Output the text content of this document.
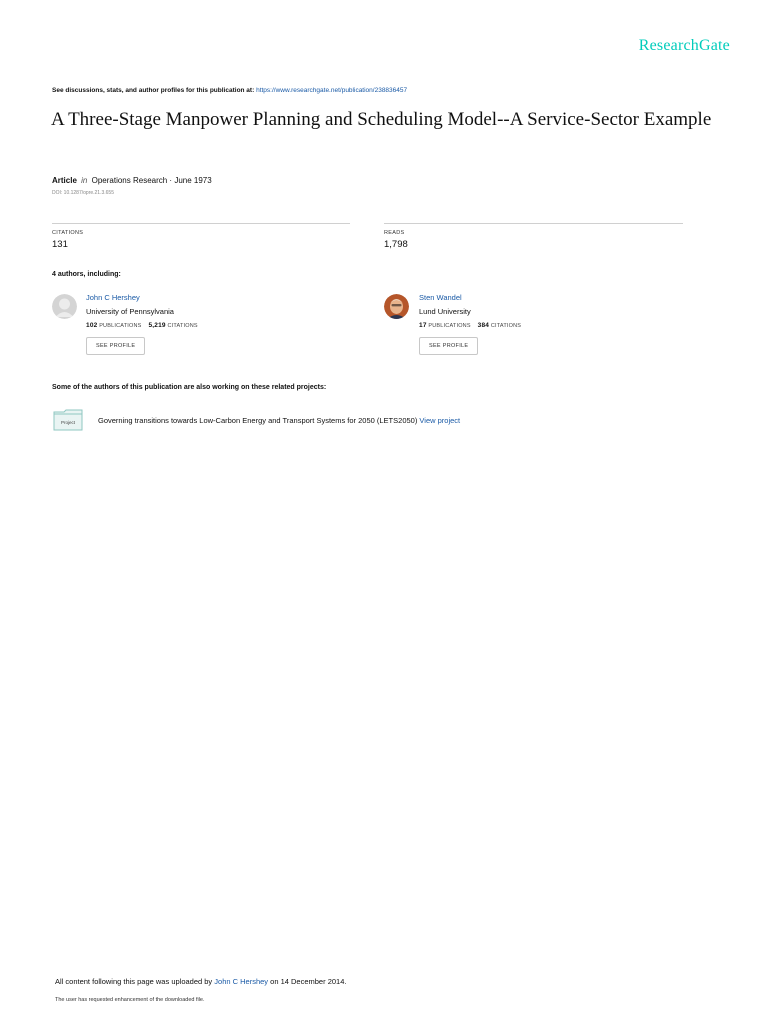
ResearchGate
See discussions, stats, and author profiles for this publication at: https://www.researchgate.net/publication/238836457
A Three-Stage Manpower Planning and Scheduling Model--A Service-Sector Example
Article in Operations Research · June 1973
DOI: 10.1287/opre.21.3.655
CITATIONS
131
READS
1,798
4 authors, including:
John C Hershey
University of Pennsylvania
102 PUBLICATIONS 5,219 CITATIONS
SEE PROFILE
Sten Wandel
Lund University
17 PUBLICATIONS 384 CITATIONS
SEE PROFILE
Some of the authors of this publication are also working on these related projects:
Project	Governing transitions towards Low-Carbon Energy and Transport Systems for 2050 (LETS2050) View project
All content following this page was uploaded by John C Hershey on 14 December 2014.
The user has requested enhancement of the downloaded file.
